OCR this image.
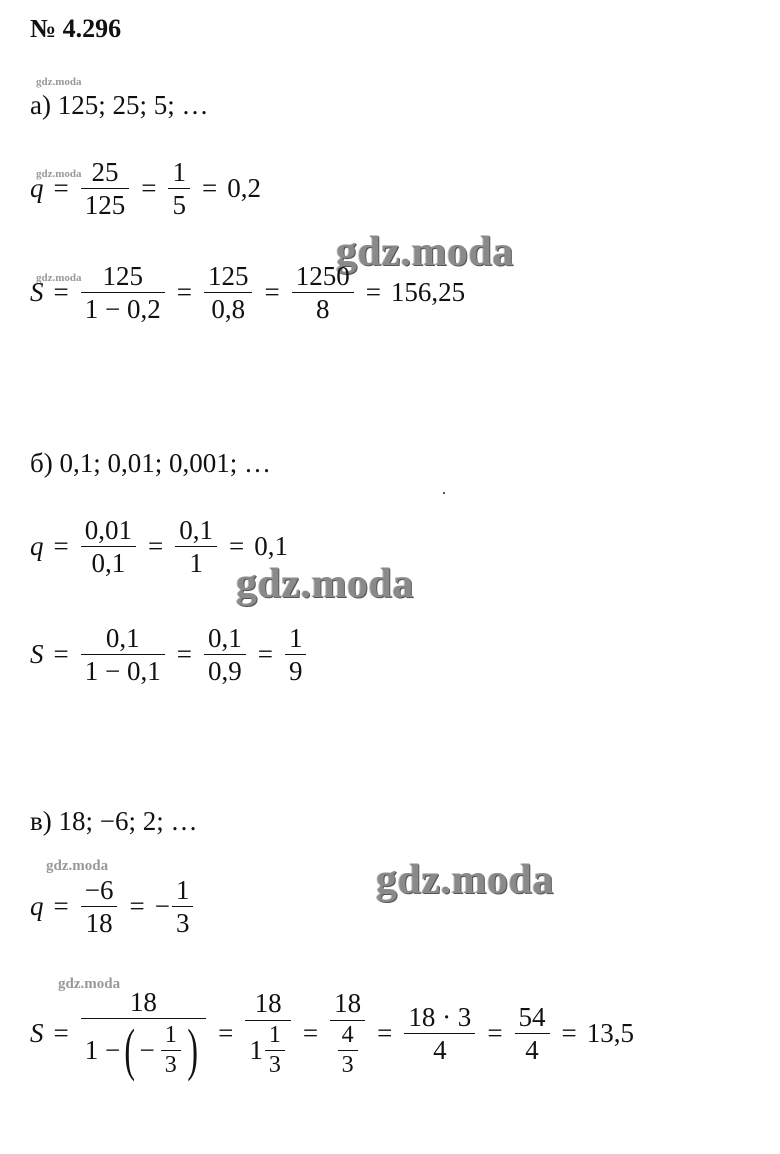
№ 4.296
gdz.moda
gdz.moda
gdz.moda
gdz.moda
gdz.moda
gdz.moda
gdz.moda
gdz.moda
а) 125; 25; 5; …
$q = \frac{25}{125} = \frac{1}{5} = 0,2$
$S = \frac{125}{1 - 0,2} = \frac{125}{0,8} = \frac{1250}{8} = 156,25$
б) 0,1; 0,01; 0,001; …
$q = \frac{0,01}{0,1} = \frac{0,1}{1} = 0,1$
$S = \frac{0,1}{1 - 0,1} = \frac{0,1}{0,9} = \frac{1}{9}$
в) 18; −6; 2; …
$q = \frac{-6}{18}$ = − $\frac{1}{3}$
$S = \frac{18}{1 - ( - \frac{1}{3} )} = \frac{18}{1 \frac{1}{3}} = \frac{18}{\frac{4}{3}} = \frac{18 \cdot 3}{4} = \frac{54}{4} = 13,5$
